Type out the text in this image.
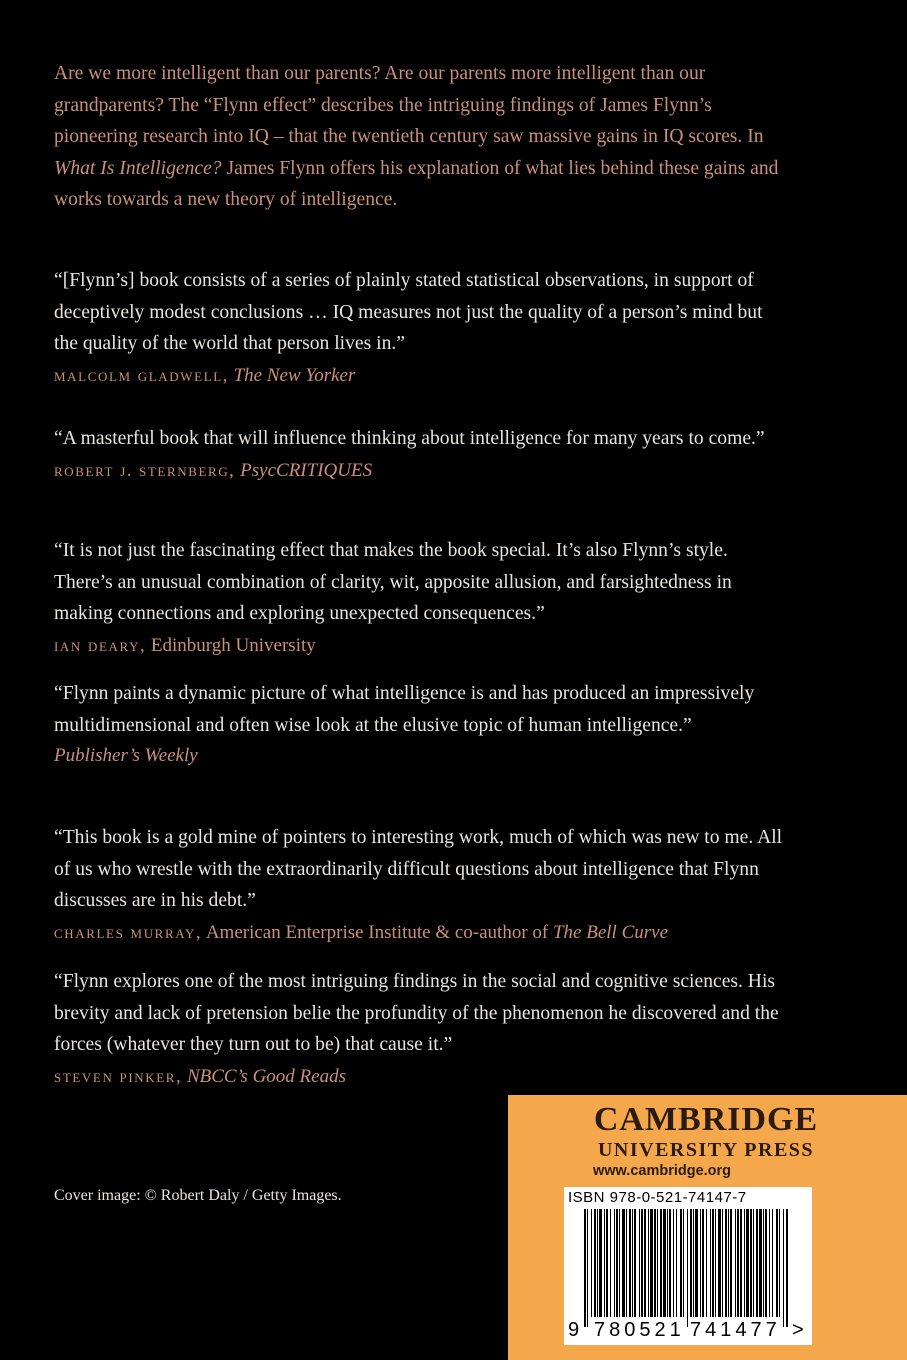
Are we more intelligent than our parents? Are our parents more intelligent than our grandparents? The “Flynn effect” describes the intriguing findings of James Flynn’s pioneering research into IQ – that the twentieth century saw massive gains in IQ scores. In What Is Intelligence? James Flynn offers his explanation of what lies behind these gains and works towards a new theory of intelligence.

“[Flynn’s] book consists of a series of plainly stated statistical observations, in support of deceptively modest conclusions … IQ measures not just the quality of a person’s mind but the quality of the world that person lives in.”

malcolm gladwell, The New Yorker

“A masterful book that will influence thinking about intelligence for many years to come.”

robert j. sternberg, PsycCRITIQUES

“It is not just the fascinating effect that makes the book special. It’s also Flynn’s style. There’s an unusual combination of clarity, wit, apposite allusion, and farsightedness in making connections and exploring unexpected consequences.”

ian deary, Edinburgh University

“Flynn paints a dynamic picture of what intelligence is and has produced an impressively multidimensional and often wise look at the elusive topic of human intelligence.”

Publisher’s Weekly

“This book is a gold mine of pointers to interesting work, much of which was new to me. All of us who wrestle with the extraordinarily difficult questions about intelligence that Flynn discusses are in his debt.”

charles murray, American Enterprise Institute & co-author of The Bell Curve

“Flynn explores one of the most intriguing findings in the social and cognitive sciences. His brevity and lack of pretension belie the profundity of the phenomenon he discovered and the forces (whatever they turn out to be) that cause it.”

steven pinker, NBCC’s Good Reads
Cover image: © Robert Daly / Getty Images.
CAMBRIDGE
UNIVERSITY PRESS
www.cambridge.org
ISBN 978-0-521-74147-7
9 780521 741477 >
